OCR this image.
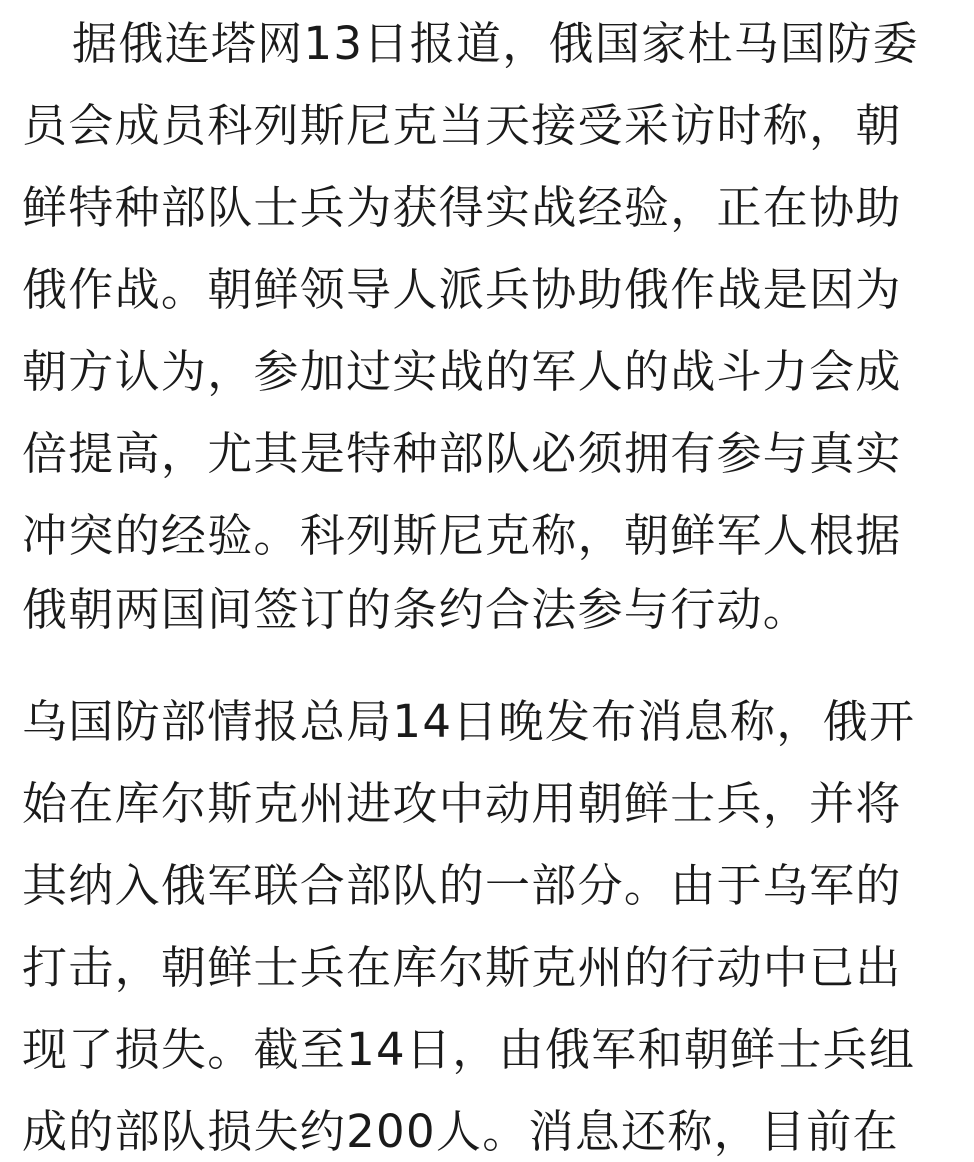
据俄连塔网13日报道，俄国家杜马国防委
员会成员科列斯尼克当天接受采访时称，朝
鲜特种部队士兵为获得实战经验，正在协助
俄作战。朝鲜领导人派兵协助俄作战是因为
朝方认为，参加过实战的军人的战斗力会成
倍提高，尤其是特种部队必须拥有参与真实
冲突的经验。科列斯尼克称，朝鲜军人根据
俄朝两国间签订的条约合法参与行动。
乌国防部情报总局14日晚发布消息称，俄开
始在库尔斯克州进攻中动用朝鲜士兵，并将
其纳入俄军联合部队的一部分。由于乌军的
打击，朝鲜士兵在库尔斯克州的行动中已出
现了损失。截至14日，由俄军和朝鲜士兵组
成的部队损失约200人。消息还称，目前在
